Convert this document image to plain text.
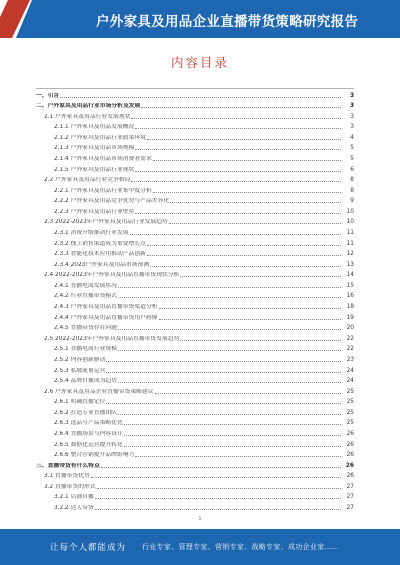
户外家具及用品企业直播带货策略研究报告
内容目录
一、引言	3
二、户外家具及用品行业市场分析及发展	3
2.1 户外家具及用品行业发展现状	3
2.1.1 户外家具及用品发展概况	3
2.1.2 户外家具及用品行业政策环境	4
2.1.3 户外家具及用品市场规模	5
2.1.4 户外家具及用品市场消费者需求	5
2.1.5 户外家具及用品行业现状	6
2.2 户外家具及用品行业竞争格局	8
2.2.1 户外家具及用品行业集中度分析	8
2.2.2 户外家具及用品竞争优势与产品差异化	9
2.2.3 户外家具及用品行业壁垒	10
2.3 2022-2023年户外家具及用品行业发展趋势	10
2.3.1 消费升级推动行业发展	11
2.3.2 线上销售渠道成为重要增长点	11
2.3.3 智能化技术应用推动产品创新	12
2.3.4 2023户外家具及用品市场预测	13
2.4 2022-2023年户外家具及用品直播带货现状分析	14
2.4.1 直播电商发展状况	15
2.4.2 行业直播带货模式	16
2.4.3 户外家具及用品直播带货渠道分析	18
2.4.4 户外家具及用品直播带货用户画像	19
2.4.5 直播带货存在问题	20
2.5 2022-2023年户外家具及用品直播带货发展趋势	22
2.5.1 直播电商行业规模	22
2.5.2 内容创新驱动	23
2.5.3 私域流量运营	24
2.5.4 品牌自播成为趋势	24
2.6 户外家具及用品企业直播带货策略建议	25
2.6.1 明确直播定位	25
2.6.2 打造专业直播团队	25
2.6.3 选品与产品策略优化	25
2.6.4 直播场景与内容设计	26
2.6.5 数据化运营提升转化	26
2.6.6 整合营销提升品牌影响力	26
三、直播带货有什么特点	26
3.1 直播带货优势	26
3.2 直播带货的形式	27
3.2.1 店铺自播	27
3.2.2 达人带货	27
1
让每个人都能成为 行业专家、管理专家、营销专家、战略专家、成功企业家……
